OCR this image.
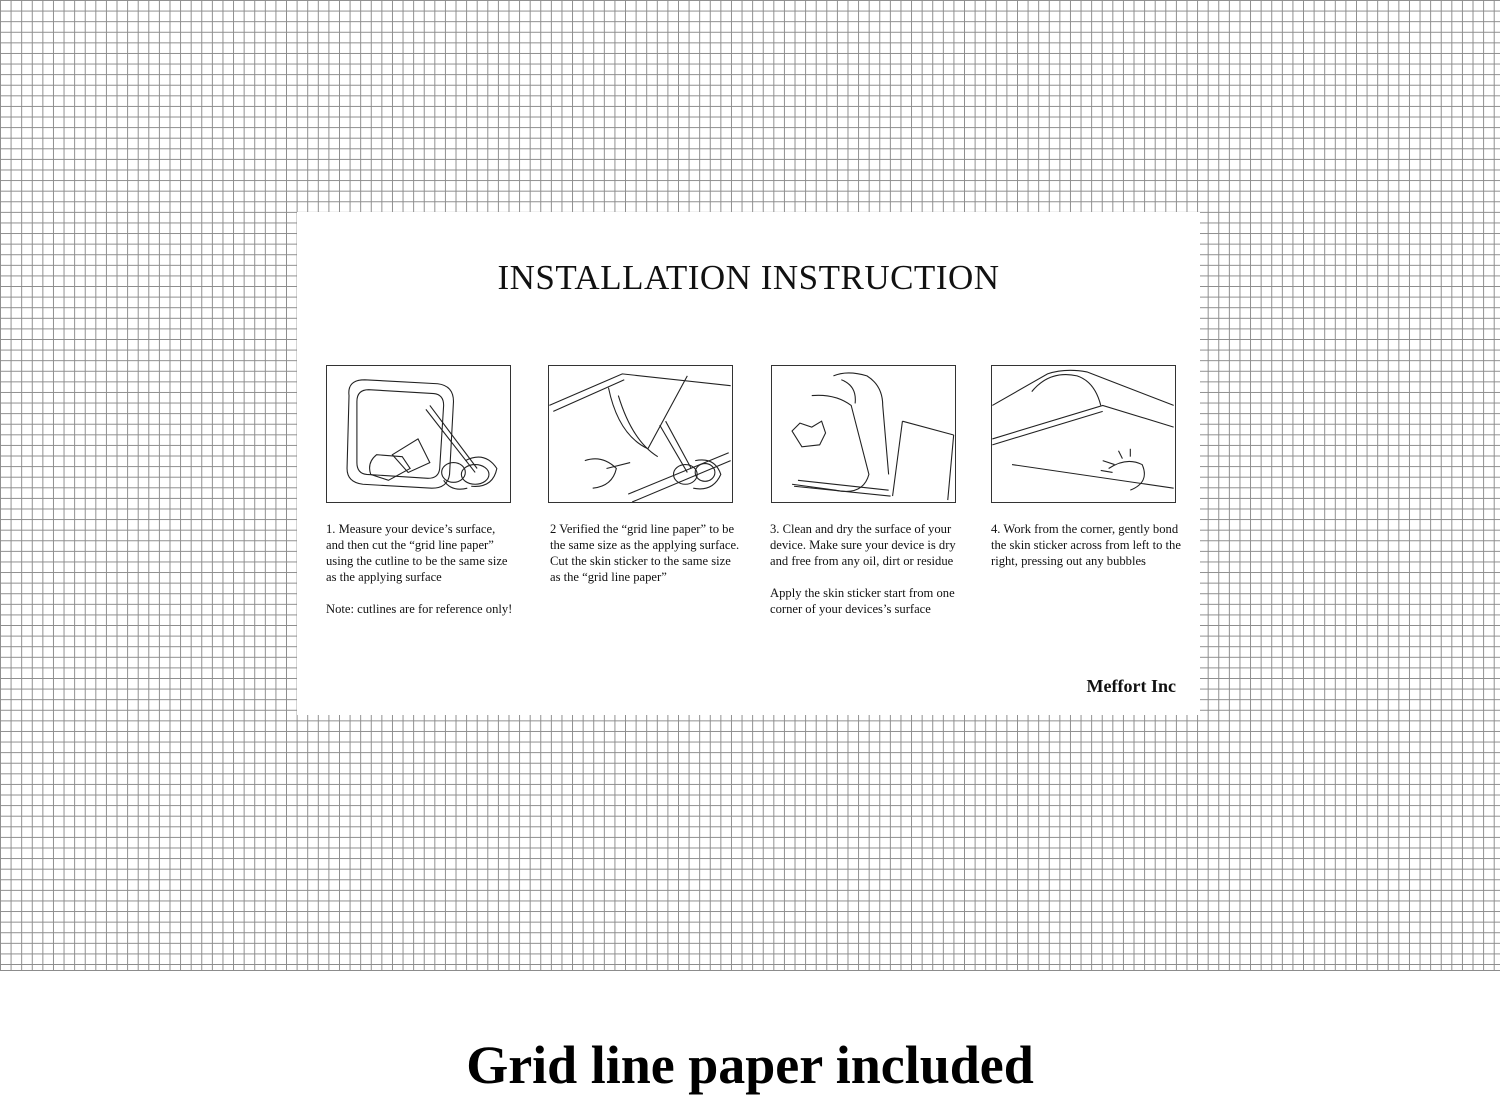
INSTALLATION INSTRUCTION

1. Measure your device’s surface, and then cut the “grid line paper” using the cutline to be the same size as the applying surface

Note: cutlines are for reference only!

2 Verified the “grid line paper” to be the same size as the applying surface. Cut the skin sticker to the same size as the “grid line paper”

3. Clean and dry the surface of your device. Make sure your device is dry and free from any oil, dirt or residue

Apply the skin sticker start from one corner of your devices’s surface

4. Work from the corner, gently bond the skin sticker across from left to the right, pressing out any bubbles

Meffort Inc

Grid line paper included
